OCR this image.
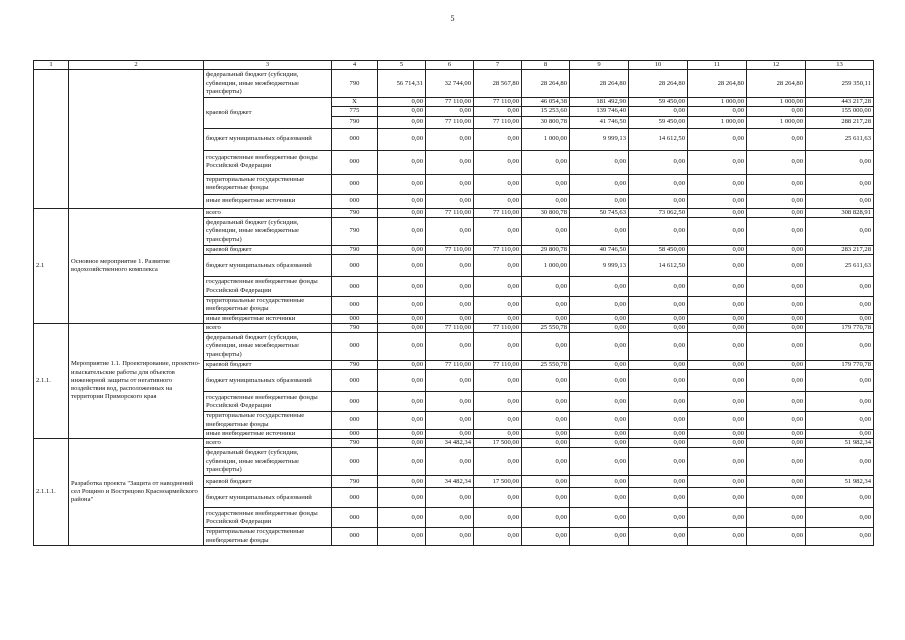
5
1	2	3	4	5	6	7	8	9	10	11	12	13
		федеральный бюджет (субсидии, субвенции, иные межбюджетные трансферты)	790	56 714,31	32 744,00	28 567,80	28 264,80	28 264,80	28 264,80	28 264,80	28 264,80	259 350,11
		краевой бюджет	X	0,00	77 110,00	77 110,00	46 054,38	181 492,90	59 450,00	1 000,00	1 000,00	443 217,28
			775	0,00	0,00	0,00	15 253,60	139 746,40	0,00	0,00	0,00	155 000,00
			790	0,00	77 110,00	77 110,00	30 800,78	41 746,50	59 450,00	1 000,00	1 000,00	288 217,28
		бюджет муниципальных образований	000	0,00	0,00	0,00	1 000,00	9 999,13	14 612,50	0,00	0,00	25 611,63
		государственные внебюджетные фонды Российской Федерации	000	0,00	0,00	0,00	0,00	0,00	0,00	0,00	0,00	0,00
		территориальные государственные внебюджетные фонды	000	0,00	0,00	0,00	0,00	0,00	0,00	0,00	0,00	0,00
		иные внебюджетные источники	000	0,00	0,00	0,00	0,00	0,00	0,00	0,00	0,00	0,00
2.1	Основное мероприятие 1. Развитие водохозяйственного комплекса	всего	790	0,00	77 110,00	77 110,00	30 800,78	50 745,63	73 062,50	0,00	0,00	308 828,91
		федеральный бюджет (субсидии, субвенции, иные межбюджетные трансферты)	790	0,00	0,00	0,00	0,00	0,00	0,00	0,00	0,00	0,00
		краевой бюджет	790	0,00	77 110,00	77 110,00	29 800,78	40 746,50	58 450,00	0,00	0,00	283 217,28
		бюджет муниципальных образований	000	0,00	0,00	0,00	1 000,00	9 999,13	14 612,50	0,00	0,00	25 611,63
		государственные внебюджетные фонды Российской Федерации	000	0,00	0,00	0,00	0,00	0,00	0,00	0,00	0,00	0,00
		территориальные государственные внебюджетные фонды	000	0,00	0,00	0,00	0,00	0,00	0,00	0,00	0,00	0,00
		иные внебюджетные источники	000	0,00	0,00	0,00	0,00	0,00	0,00	0,00	0,00	0,00
2.1.1.	Мероприятие 1.1. Проектирование, проектно-изыскательские работы для объектов инженерной защиты от негативного воздействия вод, расположенных на территории Приморского края	всего	790	0,00	77 110,00	77 110,00	25 550,78	0,00	0,00	0,00	0,00	179 770,78
		федеральный бюджет (субсидии, субвенции, иные межбюджетные трансферты)	000	0,00	0,00	0,00	0,00	0,00	0,00	0,00	0,00	0,00
		краевой бюджет	790	0,00	77 110,00	77 110,00	25 550,78	0,00	0,00	0,00	0,00	179 770,78
		бюджет муниципальных образований	000	0,00	0,00	0,00	0,00	0,00	0,00	0,00	0,00	0,00
		государственные внебюджетные фонды Российской Федерации	000	0,00	0,00	0,00	0,00	0,00	0,00	0,00	0,00	0,00
		территориальные государственные внебюджетные фонды	000	0,00	0,00	0,00	0,00	0,00	0,00	0,00	0,00	0,00
		иные внебюджетные источники	000	0,00	0,00	0,00	0,00	0,00	0,00	0,00	0,00	0,00
2.1.1.1.	Разработка проекта "Защита от наводнений сел Рощино и Вострецово Красноармейского района"	всего	790	0,00	34 482,34	17 500,00	0,00	0,00	0,00	0,00	0,00	51 982,34
		федеральный бюджет (субсидии, субвенции, иные межбюджетные трансферты)	000	0,00	0,00	0,00	0,00	0,00	0,00	0,00	0,00	0,00
		краевой бюджет	790	0,00	34 482,34	17 500,00	0,00	0,00	0,00	0,00	0,00	51 982,34
		бюджет муниципальных образований	000	0,00	0,00	0,00	0,00	0,00	0,00	0,00	0,00	0,00
		государственные внебюджетные фонды Российской Федерации	000	0,00	0,00	0,00	0,00	0,00	0,00	0,00	0,00	0,00
		территориальные государственные внебюджетные фонды	000	0,00	0,00	0,00	0,00	0,00	0,00	0,00	0,00	0,00
